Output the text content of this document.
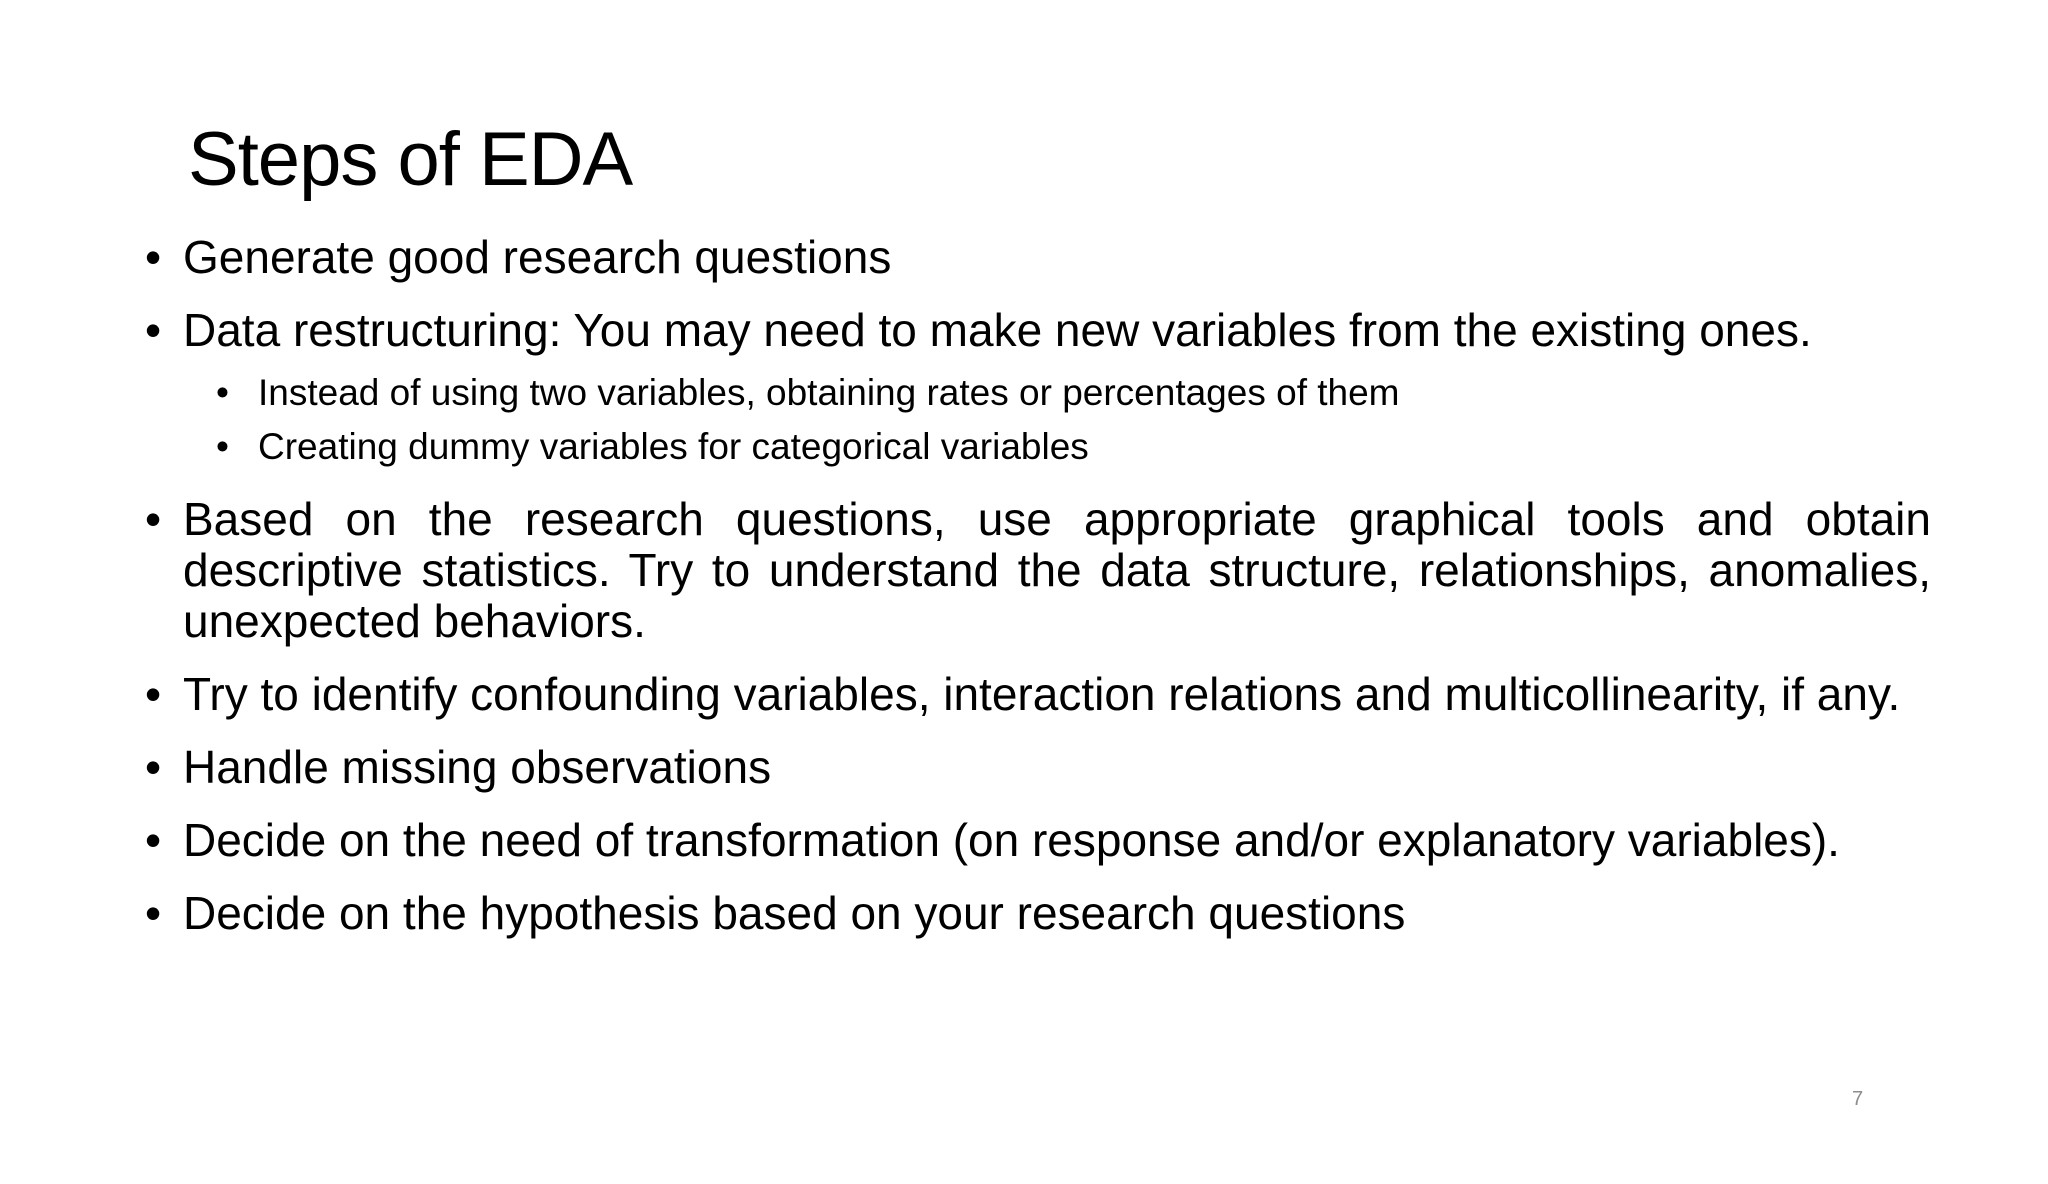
Steps of EDA
• Generate good research questions
• Data restructuring: You may need to make new variables from the existing ones.
• Instead of using two variables, obtaining rates or percentages of them
• Creating dummy variables for categorical variables
• Based on the research questions, use appropriate graphical tools and obtain descriptive statistics. Try to understand the data structure, relationships, anomalies, unexpected behaviors.
• Try to identify confounding variables, interaction relations and multicollinearity, if any.
• Handle missing observations
• Decide on the need of transformation (on response and/or explanatory variables).
• Decide on the hypothesis based on your research questions
7
